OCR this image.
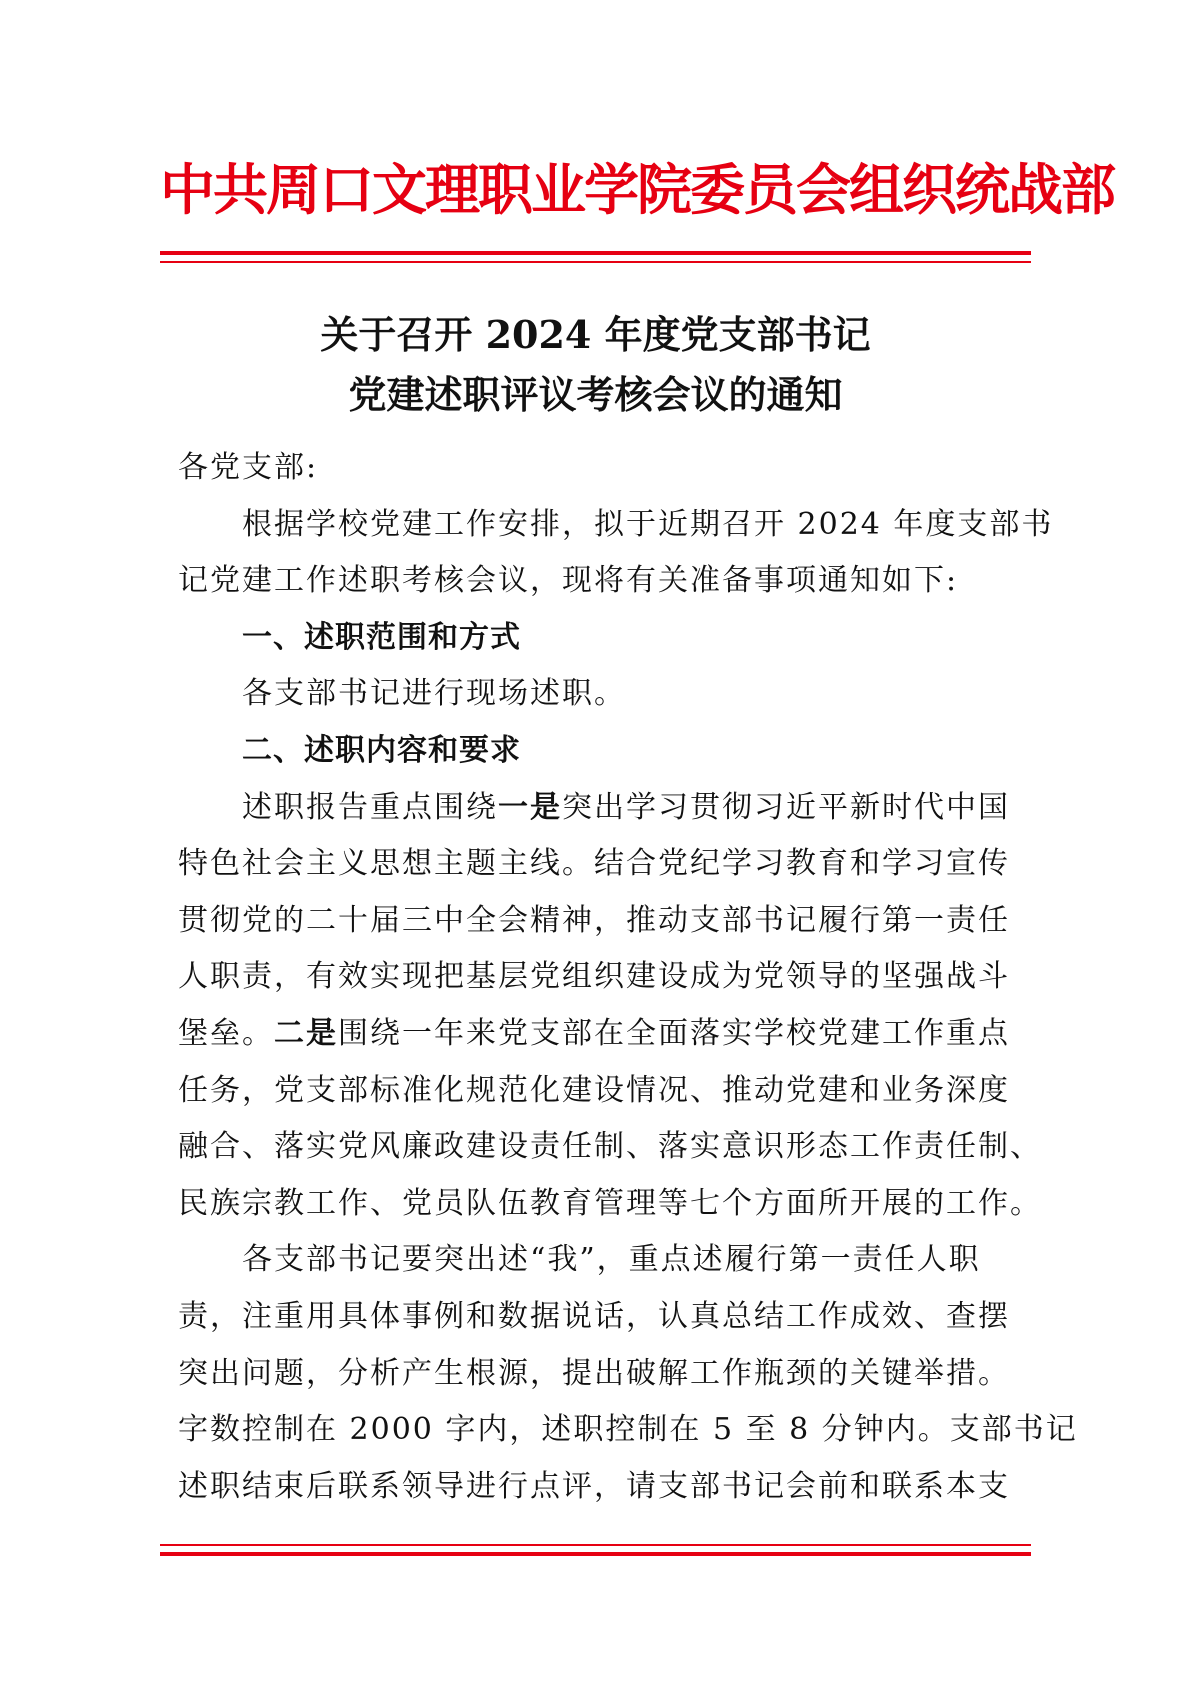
中共周口文理职业学院委员会组织统战部
关于召开 2024 年度党支部书记
党建述职评议考核会议的通知
各党支部:
根据学校党建工作安排，拟于近期召开 2024 年度支部书
记党建工作述职考核会议，现将有关准备事项通知如下:
一、述职范围和方式
各支部书记进行现场述职。
二、述职内容和要求
述职报告重点围绕一是突出学习贯彻习近平新时代中国
特色社会主义思想主题主线。结合党纪学习教育和学习宣传
贯彻党的二十届三中全会精神，推动支部书记履行第一责任
人职责，有效实现把基层党组织建设成为党领导的坚强战斗
堡垒。二是围绕一年来党支部在全面落实学校党建工作重点
任务，党支部标准化规范化建设情况、推动党建和业务深度
融合、落实党风廉政建设责任制、落实意识形态工作责任制、
民族宗教工作、党员队伍教育管理等七个方面所开展的工作。
各支部书记要突出述“我”，重点述履行第一责任人职
责，注重用具体事例和数据说话，认真总结工作成效、查摆
突出问题，分析产生根源，提出破解工作瓶颈的关键举措。
字数控制在 2000 字内，述职控制在 5 至 8 分钟内。支部书记
述职结束后联系领导进行点评，请支部书记会前和联系本支
